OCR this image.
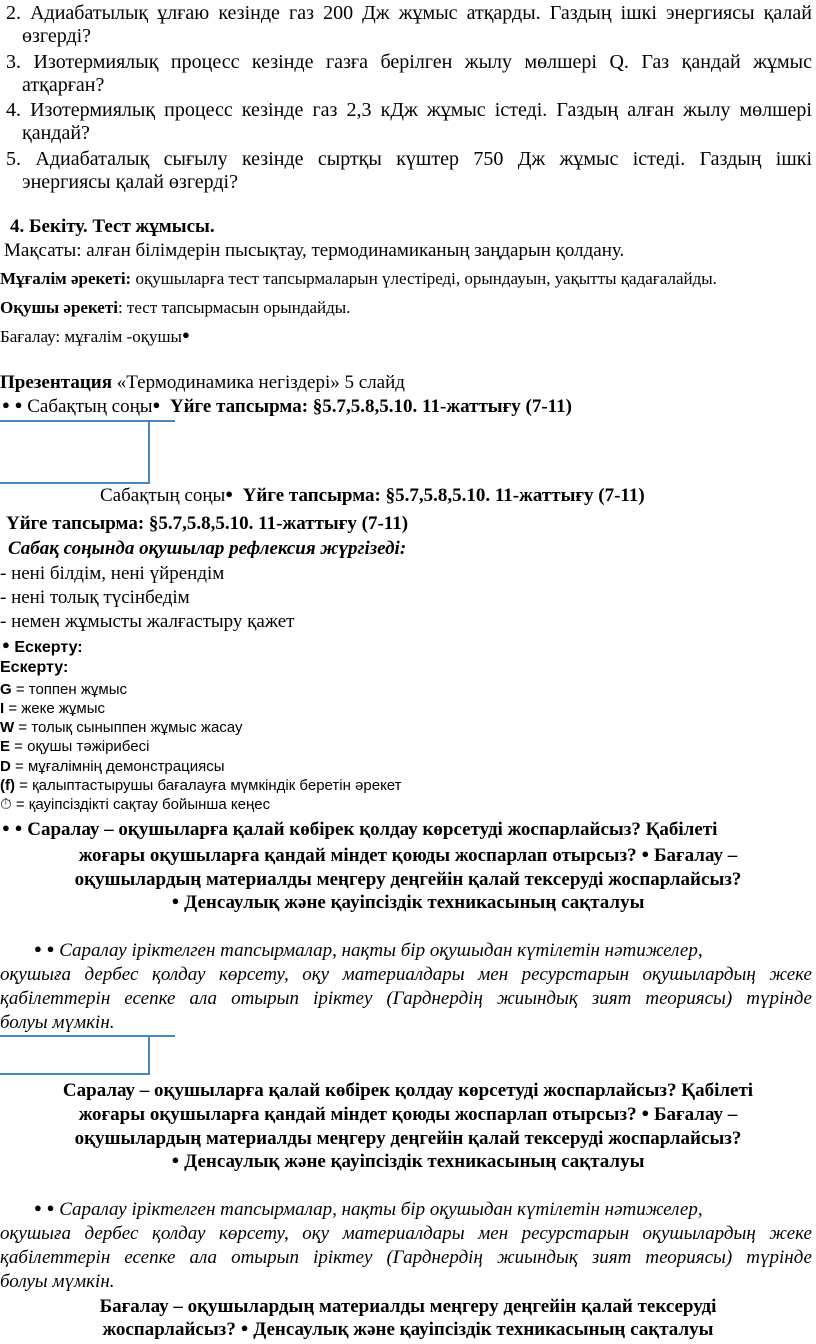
2. Адиабатылық ұлғаю кезінде газ 200 Дж жұмыс атқарды. Газдың ішкі энергиясы қалай
өзгерді?
3. Изотермиялық процесс кезінде газға берілген жылу мөлшері Q. Газ қандай жұмыс
атқарған?
4. Изотермиялық процесс кезінде газ 2,3 кДж жұмыс істеді. Газдың алған жылу мөлшері
қандай?
5. Адиабаталық сығылу кезінде сыртқы күштер 750 Дж жұмыс істеді. Газдың ішкі
энергиясы қалай өзгерді?
4. Бекіту. Тест жұмысы.
Мақсаты: алған білімдерін пысықтау, термодинамиканың заңдарын қолдану.
Мұғалім әрекеті: оқушыларға тест тапсырмаларын үлестіреді, орындауын, уақытты қадағалайды.
Оқушы әрекеті: тест тапсырмасын орындайды.
Бағалау: мұғалім -оқушы●
Презентация «Термодинамика негіздері» 5 слайд
● ● Сабақтың соңы ● Үйге тапсырма: §5.7,5.8,5.10. 11-жаттығу (7-11)
Сабақтың соңы ● Үйге тапсырма: §5.7,5.8,5.10. 11-жаттығу (7-11)
Үйге тапсырма: §5.7,5.8,5.10. 11-жаттығу (7-11)
Сабақ соңында оқушылар рефлексия жүргізеді:
- нені білдім, нені үйрендім
- нені толық түсінбедім
- немен жұмысты жалғастыру қажет
● Ескерту:
Ескерту:
G = топпен жұмыс
I = жеке жұмыс
W = толық сыныппен жұмыс жасау
E = оқушы тәжірибесі
D = мұғалімнің демонстрациясы
(f) = қалыптастырушы бағалауға мүмкіндік беретін әрекет
⏱ = қауіпсіздікті сақтау бойынша кеңес
● ● Саралау – оқушыларға қалай көбірек қолдау көрсетуді жоспарлайсыз? Қабілеті
жоғары оқушыларға қандай міндет қоюды жоспарлап отырсыз? ● Бағалау –
оқушылардың материалды меңгеру деңгейін қалай тексеруді жоспарлайсыз?
● Денсаулық және қауіпсіздік техникасының сақталуы
● ● Саралау іріктелген тапсырмалар, нақты бір оқушыдан күтілетін нәтижелер,
оқушыға дербес қолдау көрсету, оқу материалдары мен ресурстарын оқушылардың жеке
қабілеттерін есепке ала отырып іріктеу (Гарднердің жиындық зият теориясы) түрінде
болуы мүмкін.
Саралау – оқушыларға қалай көбірек қолдау көрсетуді жоспарлайсыз? Қабілеті
жоғары оқушыларға қандай міндет қоюды жоспарлап отырсыз? ● Бағалау –
оқушылардың материалды меңгеру деңгейін қалай тексеруді жоспарлайсыз?
● Денсаулық және қауіпсіздік техникасының сақталуы
● ● Саралау іріктелген тапсырмалар, нақты бір оқушыдан күтілетін нәтижелер,
оқушыға дербес қолдау көрсету, оқу материалдары мен ресурстарын оқушылардың жеке
қабілеттерін есепке ала отырып іріктеу (Гарднердің жиындық зият теориясы) түрінде
болуы мүмкін.
Бағалау – оқушылардың материалды меңгеру деңгейін қалай тексеруді
жоспарлайсыз? ● Денсаулық және қауіпсіздік техникасының сақталуы
